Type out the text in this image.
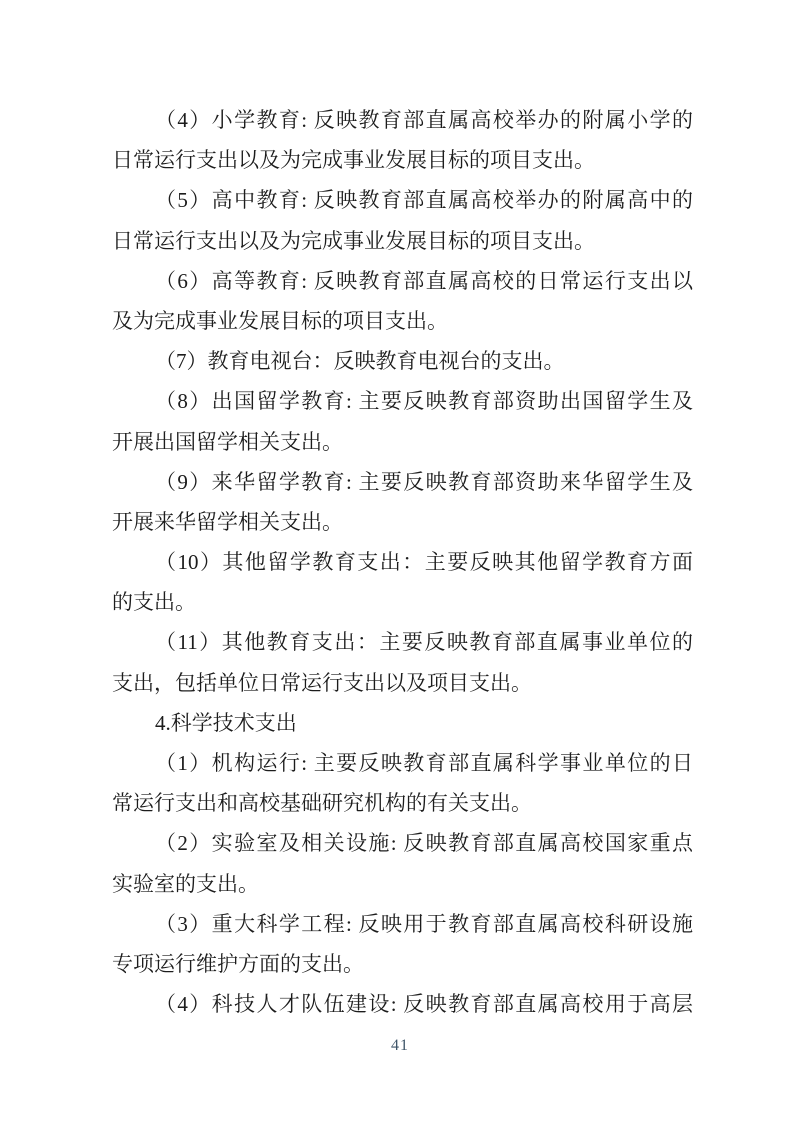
（4）小学教育: 反映教育部直属高校举办的附属小学的
日常运行支出以及为完成事业发展目标的项目支出。
（5）高中教育: 反映教育部直属高校举办的附属高中的
日常运行支出以及为完成事业发展目标的项目支出。
（6）高等教育: 反映教育部直属高校的日常运行支出以
及为完成事业发展目标的项目支出。
（7）教育电视台：反映教育电视台的支出。
（8）出国留学教育: 主要反映教育部资助出国留学生及
开展出国留学相关支出。
（9）来华留学教育: 主要反映教育部资助来华留学生及
开展来华留学相关支出。
（10）其他留学教育支出：主要反映其他留学教育方面
的支出。
（11）其他教育支出：主要反映教育部直属事业单位的
支出，包括单位日常运行支出以及项目支出。
4.科学技术支出
（1）机构运行: 主要反映教育部直属科学事业单位的日
常运行支出和高校基础研究机构的有关支出。
（2）实验室及相关设施: 反映教育部直属高校国家重点
实验室的支出。
（3）重大科学工程: 反映用于教育部直属高校科研设施
专项运行维护方面的支出。
（4）科技人才队伍建设: 反映教育部直属高校用于高层
41
